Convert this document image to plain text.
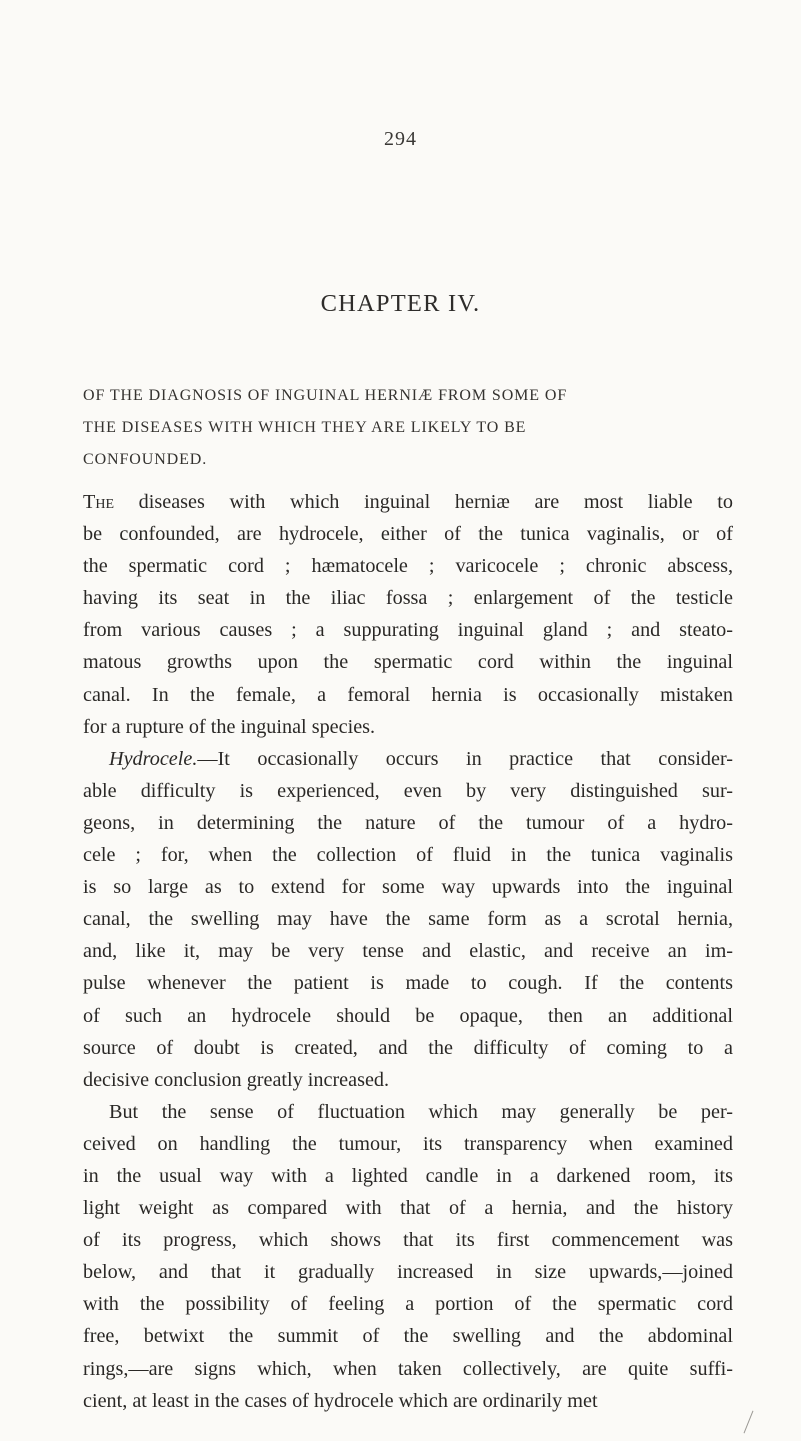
294
CHAPTER IV.
OF THE DIAGNOSIS OF INGUINAL HERNIÆ FROM SOME OF
THE DISEASES WITH WHICH THEY ARE LIKELY TO BE
CONFOUNDED.
The diseases with which inguinal herniæ are most liable to
be confounded, are hydrocele, either of the tunica vaginalis, or of
the spermatic cord ; hæmatocele ; varicocele ; chronic abscess,
having its seat in the iliac fossa ; enlargement of the testicle
from various causes ; a suppurating inguinal gland ; and steato-
matous growths upon the spermatic cord within the inguinal
canal. In the female, a femoral hernia is occasionally mistaken
for a rupture of the inguinal species.
Hydrocele.—It occasionally occurs in practice that consider-
able difficulty is experienced, even by very distinguished sur-
geons, in determining the nature of the tumour of a hydro-
cele ; for, when the collection of fluid in the tunica vaginalis
is so large as to extend for some way upwards into the inguinal
canal, the swelling may have the same form as a scrotal hernia,
and, like it, may be very tense and elastic, and receive an im-
pulse whenever the patient is made to cough. If the contents
of such an hydrocele should be opaque, then an additional
source of doubt is created, and the difficulty of coming to a
decisive conclusion greatly increased.
But the sense of fluctuation which may generally be per-
ceived on handling the tumour, its transparency when examined
in the usual way with a lighted candle in a darkened room, its
light weight as compared with that of a hernia, and the history
of its progress, which shows that its first commencement was
below, and that it gradually increased in size upwards,—joined
with the possibility of feeling a portion of the spermatic cord
free, betwixt the summit of the swelling and the abdominal
rings,—are signs which, when taken collectively, are quite suffi-
cient, at least in the cases of hydrocele which are ordinarily met
